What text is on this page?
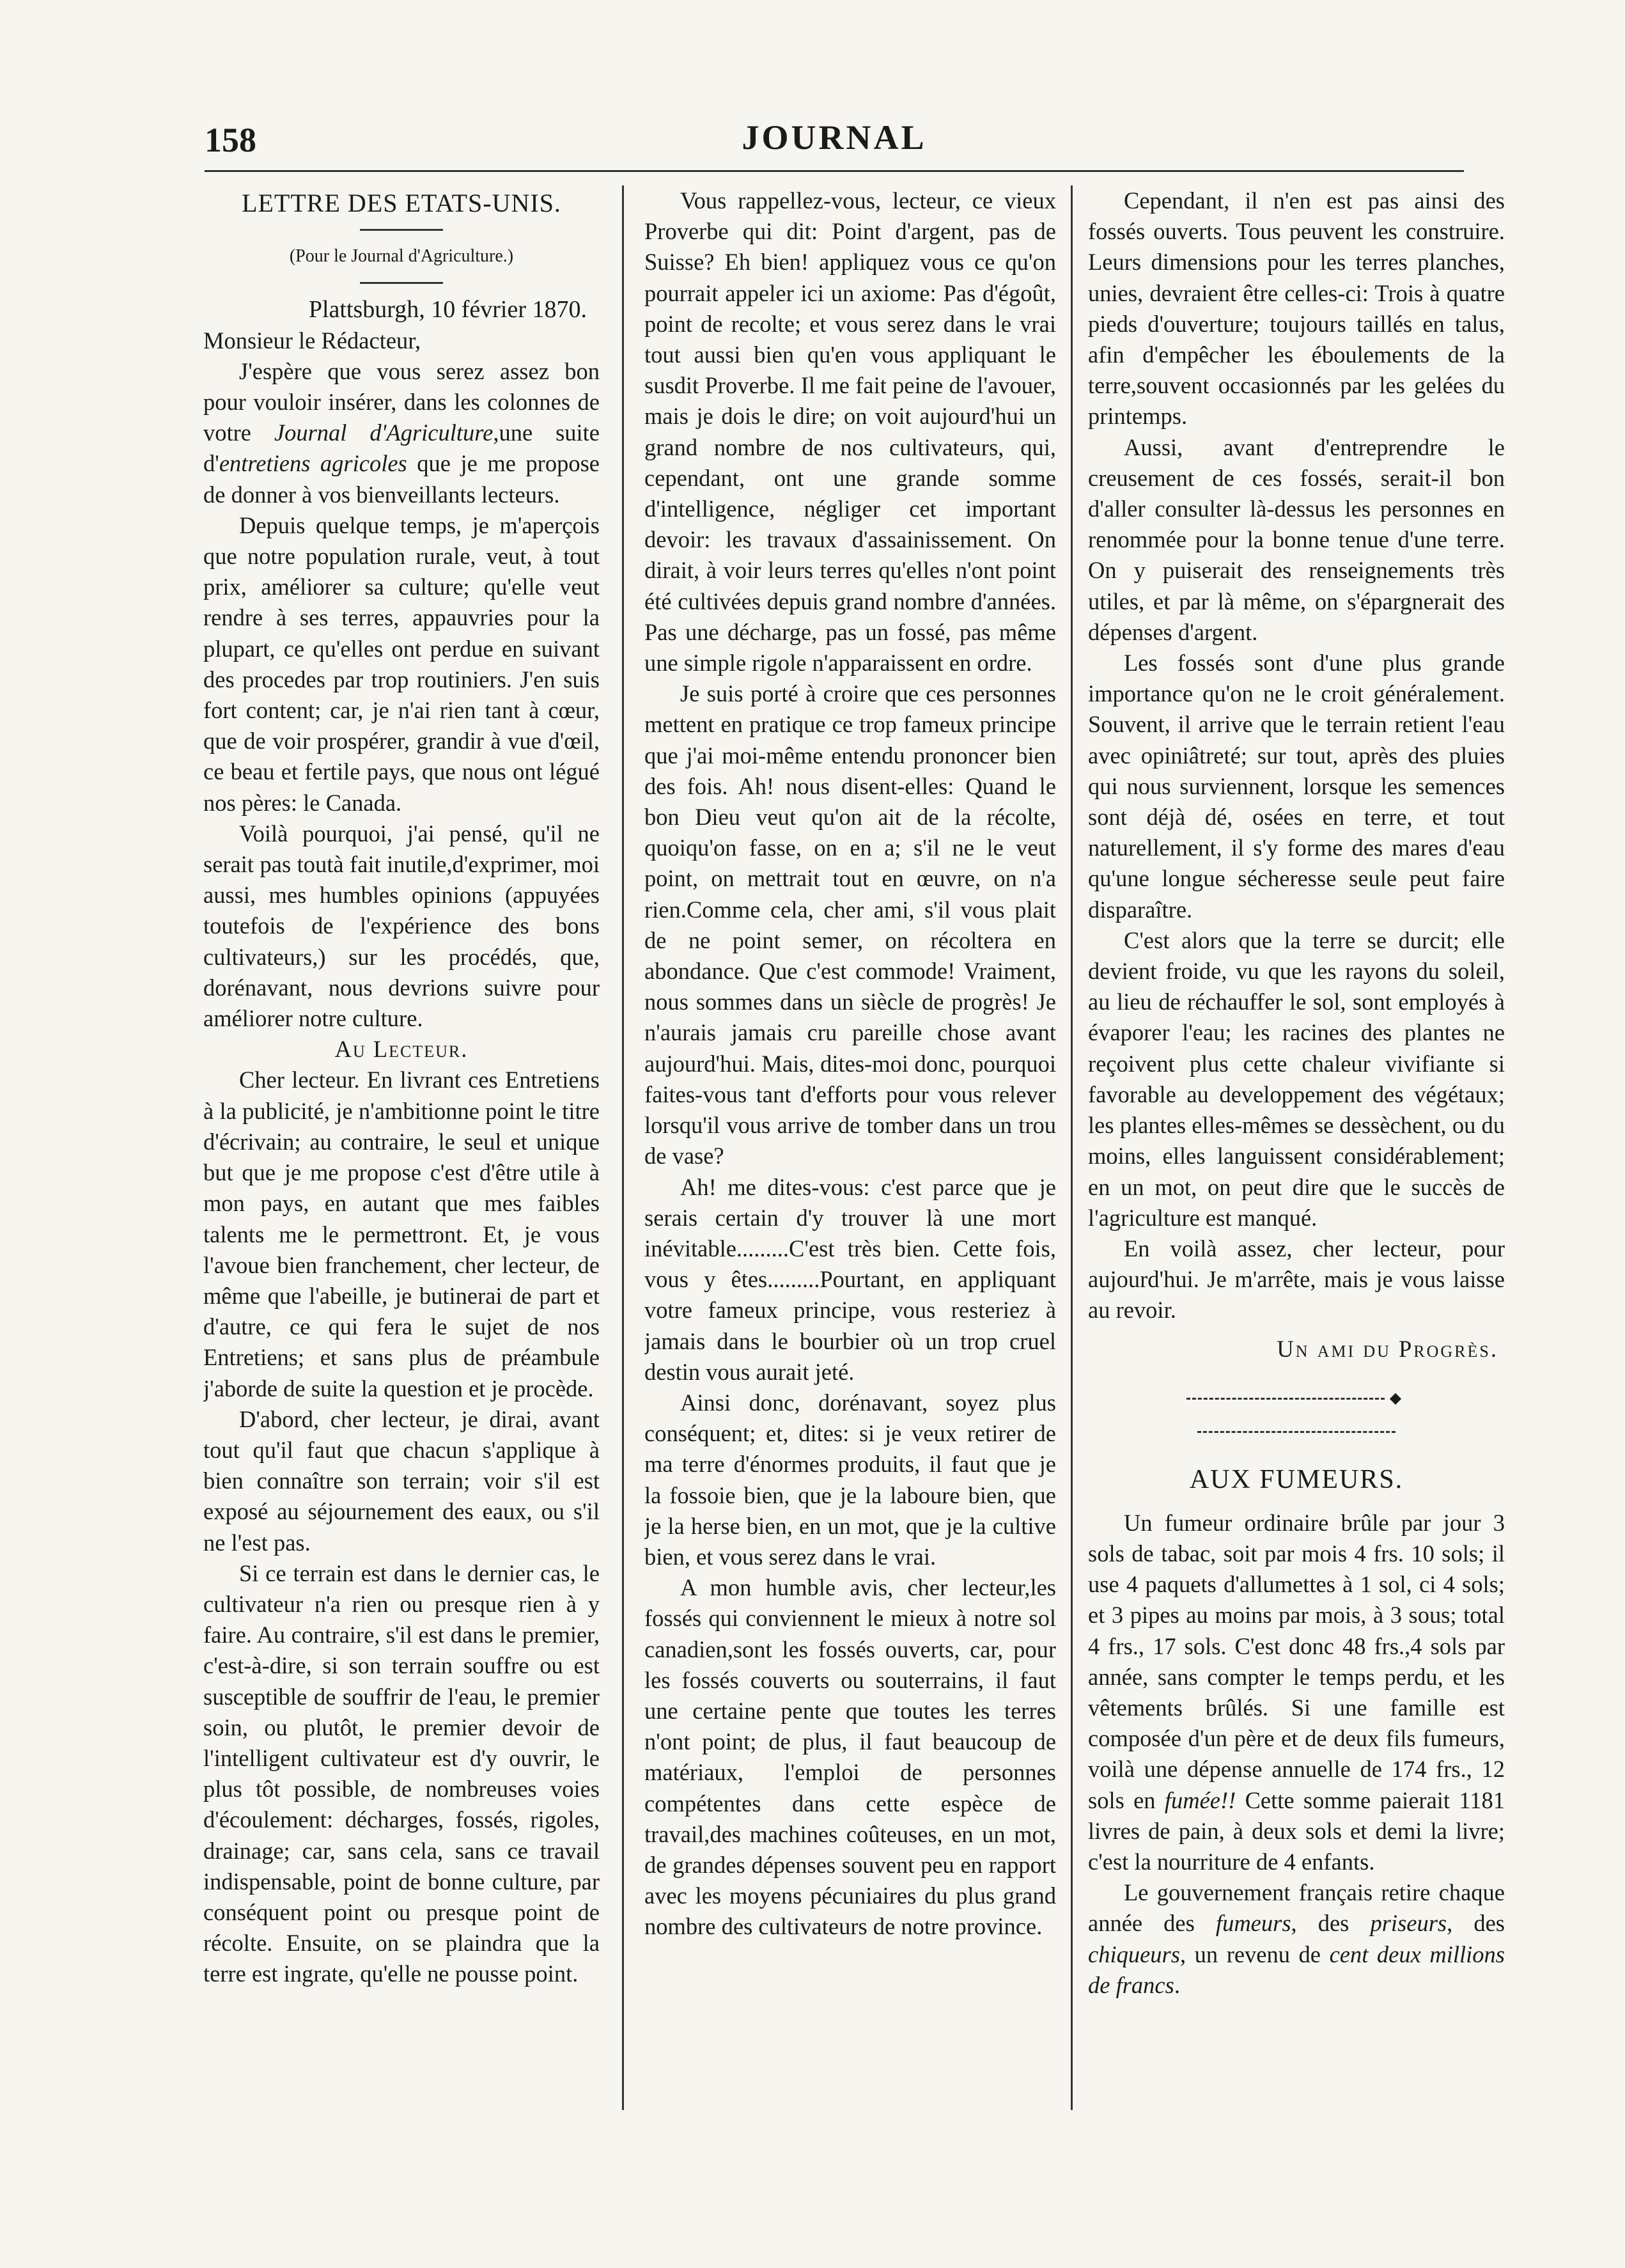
158	JOURNAL

LETTRE DES ETATS-UNIS.

(Pour le Journal d'Agriculture.)

Plattsburgh, 10 février 1870.

Monsieur le Rédacteur,

J'espère que vous serez assez bon pour vouloir insérer, dans les colonnes de votre Journal d'Agriculture,une suite d'entretiens agricoles que je me propose de donner à vos bienveillants lecteurs.

Depuis quelque temps, je m'aperçois que notre population rurale, veut, à tout prix, améliorer sa culture; qu'elle veut rendre à ses terres, appauvries pour la plupart, ce qu'elles ont perdue en suivant des procedes par trop routiniers. J'en suis fort content; car, je n'ai rien tant à cœur, que de voir prospérer, grandir à vue d'œil, ce beau et fertile pays, que nous ont légué nos pères: le Canada.

Voilà pourquoi, j'ai pensé, qu'il ne serait pas toutà fait inutile,d'exprimer, moi aussi, mes humbles opinions (appuyées toutefois de l'expérience des bons cultivateurs,) sur les procédés, que, dorénavant, nous devrions suivre pour améliorer notre culture.

Au Lecteur.

Cher lecteur. En livrant ces Entretiens à la publicité, je n'ambitionne point le titre d'écrivain; au contraire, le seul et unique but que je me propose c'est d'être utile à mon pays, en autant que mes faibles talents me le permettront. Et, je vous l'avoue bien franchement, cher lecteur, de même que l'abeille, je butinerai de part et d'autre, ce qui fera le sujet de nos Entretiens; et sans plus de préambule j'aborde de suite la question et je procède.

D'abord, cher lecteur, je dirai, avant tout qu'il faut que chacun s'applique à bien connaître son terrain; voir s'il est exposé au séjournement des eaux, ou s'il ne l'est pas.

Si ce terrain est dans le dernier cas, le cultivateur n'a rien ou presque rien à y faire. Au contraire, s'il est dans le premier, c'est-à-dire, si son terrain souffre ou est susceptible de souffrir de l'eau, le premier soin, ou plutôt, le premier devoir de l'intelligent cultivateur est d'y ouvrir, le plus tôt possible, de nombreuses voies d'écoulement: décharges, fossés, rigoles, drainage; car, sans cela, sans ce travail indispensable, point de bonne culture, par conséquent point ou presque point de récolte. Ensuite, on se plaindra que la terre est ingrate, qu'elle ne pousse point.

Vous rappellez-vous, lecteur, ce vieux Proverbe qui dit: Point d'argent, pas de Suisse? Eh bien! appliquez vous ce qu'on pourrait appeler ici un axiome: Pas d'égoût, point de recolte; et vous serez dans le vrai tout aussi bien qu'en vous appliquant le susdit Proverbe. Il me fait peine de l'avouer, mais je dois le dire; on voit aujourd'hui un grand nombre de nos cultivateurs, qui, cependant, ont une grande somme d'intelligence, négliger cet important devoir: les travaux d'assainissement. On dirait, à voir leurs terres qu'elles n'ont point été cultivées depuis grand nombre d'années. Pas une décharge, pas un fossé, pas même une simple rigole n'apparaissent en ordre.

Je suis porté à croire que ces personnes mettent en pratique ce trop fameux principe que j'ai moi-même entendu prononcer bien des fois. Ah! nous disent-elles: Quand le bon Dieu veut qu'on ait de la récolte, quoiqu'on fasse, on en a; s'il ne le veut point, on mettrait tout en œuvre, on n'a rien.Comme cela, cher ami, s'il vous plait de ne point semer, on récoltera en abondance. Que c'est commode! Vraiment, nous sommes dans un siècle de progrès! Je n'aurais jamais cru pareille chose avant aujourd'hui. Mais, dites-moi donc, pourquoi faites-vous tant d'efforts pour vous relever lorsqu'il vous arrive de tomber dans un trou de vase?

Ah! me dites-vous: c'est parce que je serais certain d'y trouver là une mort inévitable.........C'est très bien. Cette fois, vous y êtes.........Pourtant, en appliquant votre fameux principe, vous resteriez à jamais dans le bourbier où un trop cruel destin vous aurait jeté.

Ainsi donc, dorénavant, soyez plus conséquent; et, dites: si je veux retirer de ma terre d'énormes produits, il faut que je la fossoie bien, que je la laboure bien, que je la herse bien, en un mot, que je la cultive bien, et vous serez dans le vrai.

A mon humble avis, cher lecteur,les fossés qui conviennent le mieux à notre sol canadien,sont les fossés ouverts, car, pour les fossés couverts ou souterrains, il faut une certaine pente que toutes les terres n'ont point; de plus, il faut beaucoup de matériaux, l'emploi de personnes compétentes dans cette espèce de travail,des machines coûteuses, en un mot, de grandes dépenses souvent peu en rapport avec les moyens pécuniaires du plus grand nombre des cultivateurs de notre province.

Cependant, il n'en est pas ainsi des fossés ouverts. Tous peuvent les construire. Leurs dimensions pour les terres planches, unies, devraient être celles-ci: Trois à quatre pieds d'ouverture; toujours taillés en talus, afin d'empêcher les éboulements de la terre,souvent occasionnés par les gelées du printemps.

Aussi, avant d'entreprendre le creusement de ces fossés, serait-il bon d'aller consulter là-dessus les personnes en renommée pour la bonne tenue d'une terre. On y puiserait des renseignements très utiles, et par là même, on s'épargnerait des dépenses d'argent.

Les fossés sont d'une plus grande importance qu'on ne le croit généralement. Souvent, il arrive que le terrain retient l'eau avec opiniâtreté; sur tout, après des pluies qui nous surviennent, lorsque les semences sont déjà dé, osées en terre, et tout naturellement, il s'y forme des mares d'eau qu'une longue sécheresse seule peut faire disparaître.

C'est alors que la terre se durcit; elle devient froide, vu que les rayons du soleil, au lieu de réchauffer le sol, sont employés à évaporer l'eau; les racines des plantes ne reçoivent plus cette chaleur vivifiante si favorable au developpement des végétaux; les plantes elles-mêmes se dessèchent, ou du moins, elles languissent considérablement; en un mot, on peut dire que le succès de l'agriculture est manqué.

En voilà assez, cher lecteur, pour aujourd'hui. Je m'arrête, mais je vous laisse au revoir.

Un ami du Progrès.

◆

AUX FUMEURS.

Un fumeur ordinaire brûle par jour 3 sols de tabac, soit par mois 4 frs. 10 sols; il use 4 paquets d'allumettes à 1 sol, ci 4 sols; et 3 pipes au moins par mois, à 3 sous; total 4 frs., 17 sols. C'est donc 48 frs.,4 sols par année, sans compter le temps perdu, et les vêtements brûlés. Si une famille est composée d'un père et de deux fils fumeurs, voilà une dépense annuelle de 174 frs., 12 sols en fumée!! Cette somme paierait 1181 livres de pain, à deux sols et demi la livre; c'est la nourriture de 4 enfants.

Le gouvernement français retire chaque année des fumeurs, des priseurs, des chiqueurs, un revenu de cent deux millions de francs.
